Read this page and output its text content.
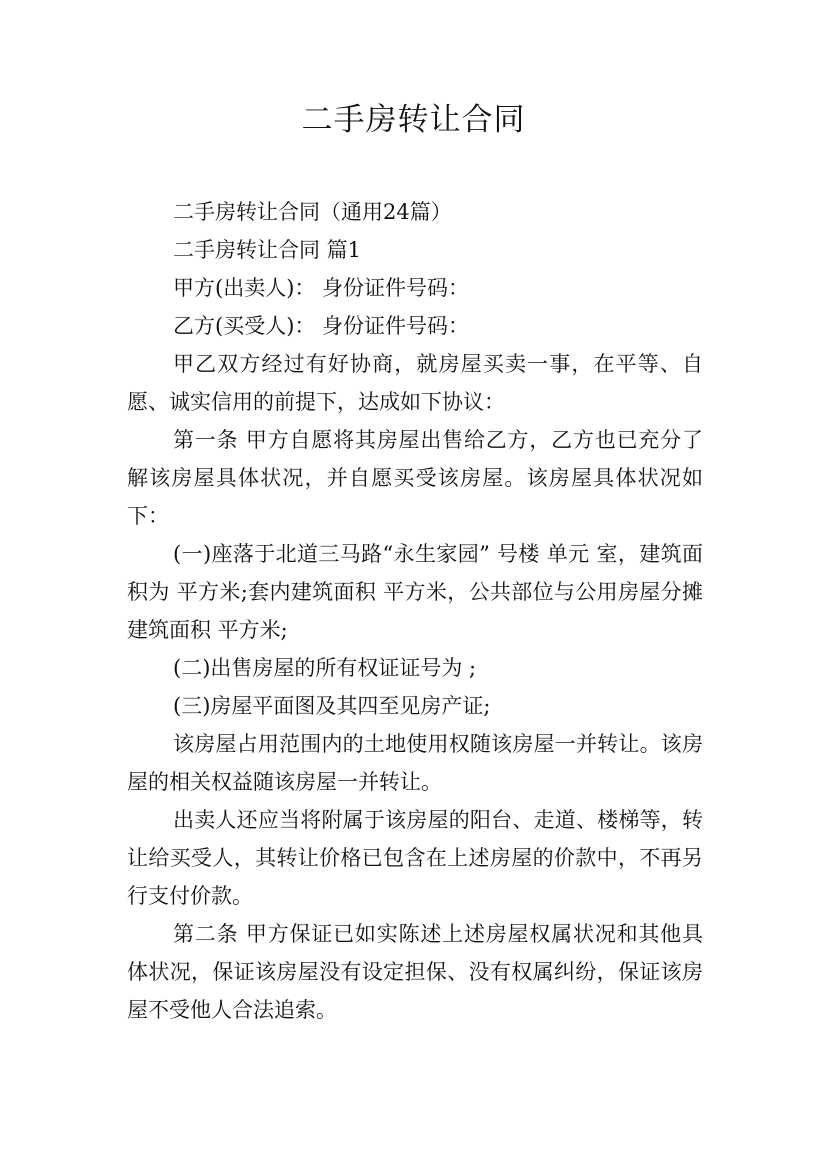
二手房转让合同

二手房转让合同（通用24篇）

二手房转让合同 篇1

甲方(出卖人)： 身份证件号码：

乙方(买受人)： 身份证件号码：

甲乙双方经过有好协商，就房屋买卖一事，在平等、自愿、诚实信用的前提下，达成如下协议：

第一条 甲方自愿将其房屋出售给乙方，乙方也已充分了解该房屋具体状况，并自愿买受该房屋。该房屋具体状况如下：

(一)座落于北道三马路“永生家园” 号楼 单元 室，建筑面积为 平方米;套内建筑面积 平方米，公共部位与公用房屋分摊建筑面积 平方米;

(二)出售房屋的所有权证证号为 ;

(三)房屋平面图及其四至见房产证;

该房屋占用范围内的土地使用权随该房屋一并转让。该房屋的相关权益随该房屋一并转让。

出卖人还应当将附属于该房屋的阳台、走道、楼梯等，转让给买受人，其转让价格已包含在上述房屋的价款中，不再另行支付价款。

第二条 甲方保证已如实陈述上述房屋权属状况和其他具体状况，保证该房屋没有设定担保、没有权属纠纷，保证该房屋不受他人合法追索。
